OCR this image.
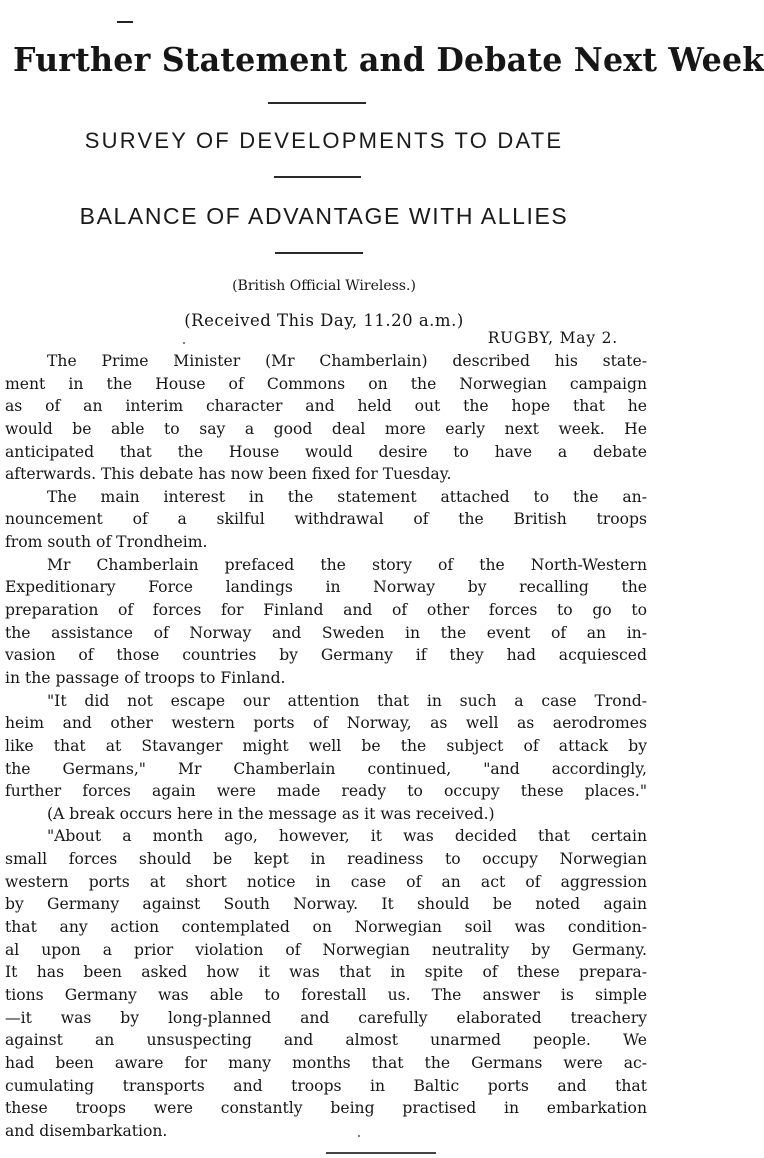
Further Statement and Debate Next Week
SURVEY OF DEVELOPMENTS TO DATE
BALANCE OF ADVANTAGE WITH ALLIES
(British Official Wireless.)
(Received This Day, 11.20 a.m.)
RUGBY, May 2.
The Prime Minister (Mr Chamberlain) described his state-
ment in the House of Commons on the Norwegian campaign
as of an interim character and held out the hope that he
would be able to say a good deal more early next week. He
anticipated that the House would desire to have a debate
afterwards. This debate has now been fixed for Tuesday.
The main interest in the statement attached to the an-
nouncement of a skilful withdrawal of the British troops
from south of Trondheim.
Mr Chamberlain prefaced the story of the North-Western
Expeditionary Force landings in Norway by recalling the
preparation of forces for Finland and of other forces to go to
the assistance of Norway and Sweden in the event of an in-
vasion of those countries by Germany if they had acquiesced
in the passage of troops to Finland.
"It did not escape our attention that in such a case Trond-
heim and other western ports of Norway, as well as aerodromes
like that at Stavanger might well be the subject of attack by
the Germans," Mr Chamberlain continued, "and accordingly,
further forces again were made ready to occupy these places."
(A break occurs here in the message as it was received.)
"About a month ago, however, it was decided that certain
small forces should be kept in readiness to occupy Norwegian
western ports at short notice in case of an act of aggression
by Germany against South Norway. It should be noted again
that any action contemplated on Norwegian soil was condition-
al upon a prior violation of Norwegian neutrality by Germany.
It has been asked how it was that in spite of these prepara-
tions Germany was able to forestall us. The answer is simple
—it was by long-planned and carefully elaborated treachery
against an unsuspecting and almost unarmed people. We
had been aware for many months that the Germans were ac-
cumulating transports and troops in Baltic ports and that
these troops were constantly being practised in embarkation
and disembarkation.
